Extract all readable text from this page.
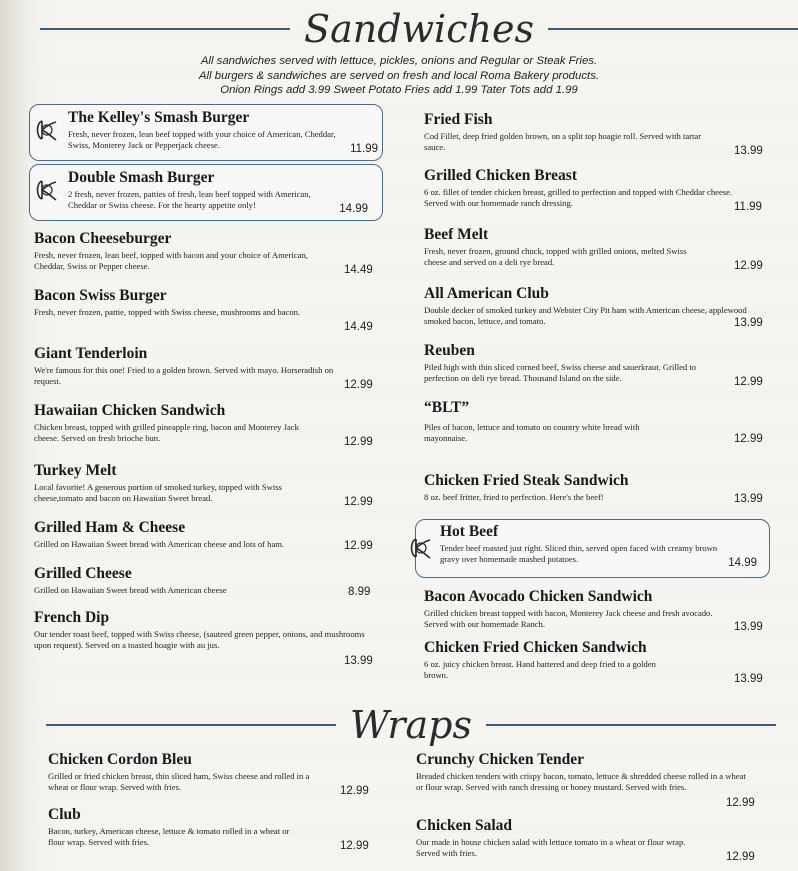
Sandwiches
All sandwiches served with lettuce, pickles, onions and Regular or Steak Fries.
All burgers & sandwiches are served on fresh and local Roma Bakery products.
Onion Rings add 3.99 Sweet Potato Fries add 1.99 Tater Tots add 1.99
The Kelley's Smash Burger
Fresh, never frozen, lean beef topped with your choice of American, Cheddar, Swiss, Monterey Jack or Pepperjack cheese.	11.99
Double Smash Burger
2 fresh, never frozen, patties of fresh, lean beef topped with American, Cheddar or Swiss cheese. For the hearty appetite only!	14.99
Bacon Cheeseburger
Fresh, never frozen, lean beef, topped with bacon and your choice of American, Cheddar, Swiss or Pepper cheese.	14.49
Bacon Swiss Burger
Fresh, never frozen, pattie, topped with Swiss cheese, mushrooms and bacon.
14.49
Giant Tenderloin
We're famous for this one! Fried to a golden brown. Served with mayo. Horseradish on request.	12.99
Hawaiian Chicken Sandwich
Chicken breast, topped with grilled pineapple ring, bacon and Monterey Jack cheese. Served on fresh brioche bun.	12.99
Turkey Melt
Local favorite! A generous portion of smoked turkey, topped with Swiss cheese,tomato and bacon on Hawaiian Sweet bread.	12.99
Grilled Ham & Cheese
Grilled on Hawaiian Sweet bread with American cheese and lots of ham.	12.99
Grilled Cheese
Grilled on Hawaiian Sweet bread with American cheese	8.99
French Dip
Our tender roast beef, topped with Swiss cheese, (sauteed green pepper, onions, and mushrooms upon request). Served on a toasted hoagie with au jus.
13.99
Fried Fish
Cod Fillet, deep fried golden brown, on a split top hoagie roll. Served with tartar sauce.	13.99
Grilled Chicken Breast
6 oz. fillet of tender chicken breast, grilled to perfection and topped with Cheddar cheese. Served with our homemade ranch dressing.	11.99
Beef Melt
Fresh, never frozen, ground chuck, topped with grilled onions, melted Swiss cheese and served on a deli rye bread.	12.99
All American Club
Double decker of smoked turkey and Webster City Pit ham with American cheese, applewood smoked bacon, lettuce, and tomato.	13.99
Reuben
Piled high with thin sliced corned beef, Swiss cheese and sauerkraut. Grilled to perfection on deli rye bread. Thousand Island on the side.	12.99
“BLT”
Piles of bacon, lettuce and tomato on country white bread with mayonnaise.	12.99
Chicken Fried Steak Sandwich
8 oz. beef fritter, fried to perfection. Here's the beef!	13.99
Hot Beef
Tender beef roasted just right. Sliced thin, served open faced with creamy brown gravy over homemade mashed potatoes.	14.99
Bacon Avocado Chicken Sandwich
Grilled chicken breast topped with bacon, Monterey Jack cheese and fresh avocado. Served with our homemade Ranch.	13.99
Chicken Fried Chicken Sandwich
6 oz. juicy chicken breast. Hand battered and deep fried to a golden brown.	13.99
Wraps
Chicken Cordon Bleu
Grilled or fried chicken breast, thin sliced ham, Swiss cheese and rolled in a wheat or flour wrap. Served with fries.	12.99
Club
Bacon, turkey, American cheese, lettuce & tomato rolled in a wheat or flour wrap. Served with fries.	12.99
Crunchy Chicken Tender
Breaded chicken tenders with crispy bacon, tomato, lettuce & shredded cheese rolled in a wheat or flour wrap. Served with ranch dressing or honey mustard. Served with fries.
12.99
Chicken Salad
Our made in house chicken salad with lettuce tomato in a wheat or flour wrap. Served with fries.	12.99
